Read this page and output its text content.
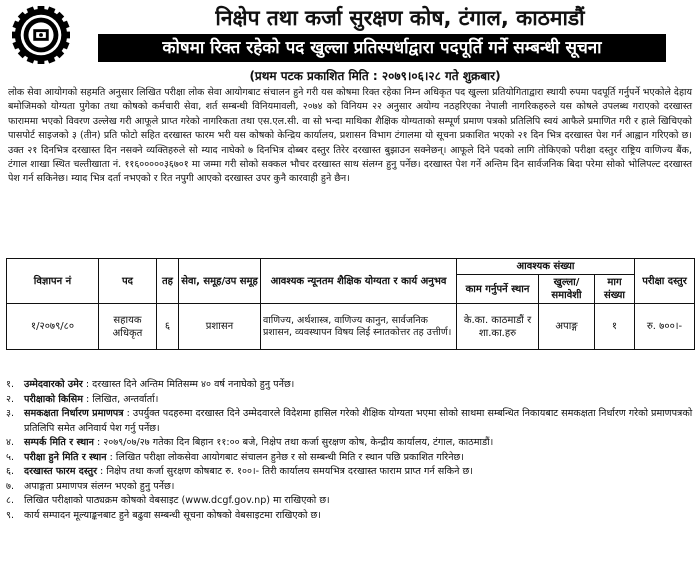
निक्षेप तथा कर्जा सुरक्षण कोष, टंगाल, काठमाडौं
कोषमा रिक्त रहेको पद खुल्ला प्रतिस्पर्धाद्वारा पदपूर्ति गर्ने सम्बन्धी सूचना
(प्रथम पटक प्रकाशित मिति : २०७९।०६।२८ गते शुक्रबार)
लोक सेवा आयोगको सहमति अनुसार लिखित परीक्षा लोक सेवा आयोगबाट संचालन हुने गरी यस कोषमा रिक्त रहेका निम्न अधिकृत पद खुल्ला प्रतियोगिताद्वारा स्थायी रुपमा पदपूर्ति गर्नुपर्ने भएकोले देहाय बमोजिमको योग्यता पुगेका तथा कोषको कर्मचारी सेवा, शर्त सम्बन्धी विनियमावली, २०७४ को विनियम २२ अनुसार अयोग्य नठहरिएका नेपाली नागरिकहरुले यस कोषले उपलब्ध गराएको दरखास्त फाराममा भएको विवरण उल्लेख गरी आफूले प्राप्त गरेको नागरिकता तथा एस.एल.सी. वा सो भन्दा माथिका शैक्षिक योग्यताको सम्पूर्ण प्रमाण पत्रको प्रतिलिपि स्वयं आफैले प्रमाणित गरी र हाले खिचिएको पासपोर्ट साइजको ३ (तीन) प्रति फोटो सहित दरखास्त फारम भरी यस कोषको केन्द्रिय कार्यालय, प्रशासन विभाग टंगालमा यो सूचना प्रकाशित भएको २१ दिन भित्र दरखास्त पेश गर्न आह्वान गरिएको छ। उक्त २१ दिनभित्र दरखास्त दिन नसक्ने व्यक्तिहरुले सो म्याद नाघेको ७ दिनभित्र दोब्बर दस्तुर तिरेर दरखास्त बुझाउन सक्नेछन्। आफूले दिने पदको लागि तोकिएको परीक्षा दस्तुर राष्ट्रिय वाणिज्य बैंक, टंगाल शाखा स्थित चल्तीखाता नं. ११६०००००३६७०१ मा जम्मा गरी सोको सक्कल भौचर दरखास्त साथ संलग्न हुनु पर्नेछ। दरखास्त पेश गर्ने अन्तिम दिन सार्वजनिक बिदा परेमा सोको भोलिपल्ट दरखास्त पेश गर्न सकिनेछ। म्याद भित्र दर्ता नभएको र रित नपुगी आएको दरखास्त उपर कुनै कारवाही हुने छैन।
विज्ञापन नं	पद	तह	सेवा, समूह/उप समूह	आवश्यक न्यूनतम शैक्षिक योग्यता र कार्य अनुभव	आवश्यक संख्या			परीक्षा दस्तुर
					काम गर्नुपर्ने स्थान	खुल्ला/ समावेशी	माग संख्या	
१/२०७९/८०	सहायक अधिकृत	६	प्रशासन	वाणिज्य, अर्थशास्त्र, वाणिज्य कानुन, सार्वजनिक प्रशासन, व्यवस्थापन विषय लिई स्नातकोत्तर तह उत्तीर्ण।	के.का. काठमाडौं र शा.का.हरु	अपाङ्ग	१	रु. ७००।-
१. उम्मेदवारको उमेर : दरखास्त दिने अन्तिम मितिसम्म ४० वर्ष ननाघेको हुनु पर्नेछ।
२. परीक्षाको किसिम : लिखित, अन्तर्वार्ता।
३. समकक्षता निर्धारण प्रमाणपत्र : उपर्युक्त पदहरुमा दरखास्त दिने उम्मेदवारले विदेशमा हासिल गरेको शैक्षिक योग्यता भएमा सोको साथमा सम्बन्धित निकायबाट समकक्षता निर्धारण गरेको प्रमाणपत्रको प्रतिलिपि समेत अनिवार्य पेश गर्नु पर्नेछ।
४. सम्पर्क मिति र स्थान : २०७९/०७/२७ गतेका दिन बिहान ११:०० बजे, निक्षेप तथा कर्जा सुरक्षण कोष, केन्द्रीय कार्यालय, टंगाल, काठमाडौं।
५. परीक्षा हुने मिति र स्थान : लिखित परीक्षा लोकसेवा आयोगबाट संचालन हुनेछ र सो सम्बन्धी मिति र स्थान पछि प्रकाशित गरिनेछ।
६. दरखास्त फारम दस्तुर : निक्षेप तथा कर्जा सुरक्षण कोषबाट रु. १००।- तिरी कार्यालय समयभित्र दरखास्त फाराम प्राप्त गर्न सकिने छ।
७. अपाङ्गता प्रमाणपत्र संलग्न भएको हुनु पर्नेछ।
८. लिखित परीक्षाको पाठ्यक्रम कोषको वेबसाइट (www.dcgf.gov.np) मा राखिएको छ।
९. कार्य सम्पादन मूल्याङ्कनबाट हुने बढुवा सम्बन्धी सूचना कोषको वेबसाइटमा राखिएको छ।
